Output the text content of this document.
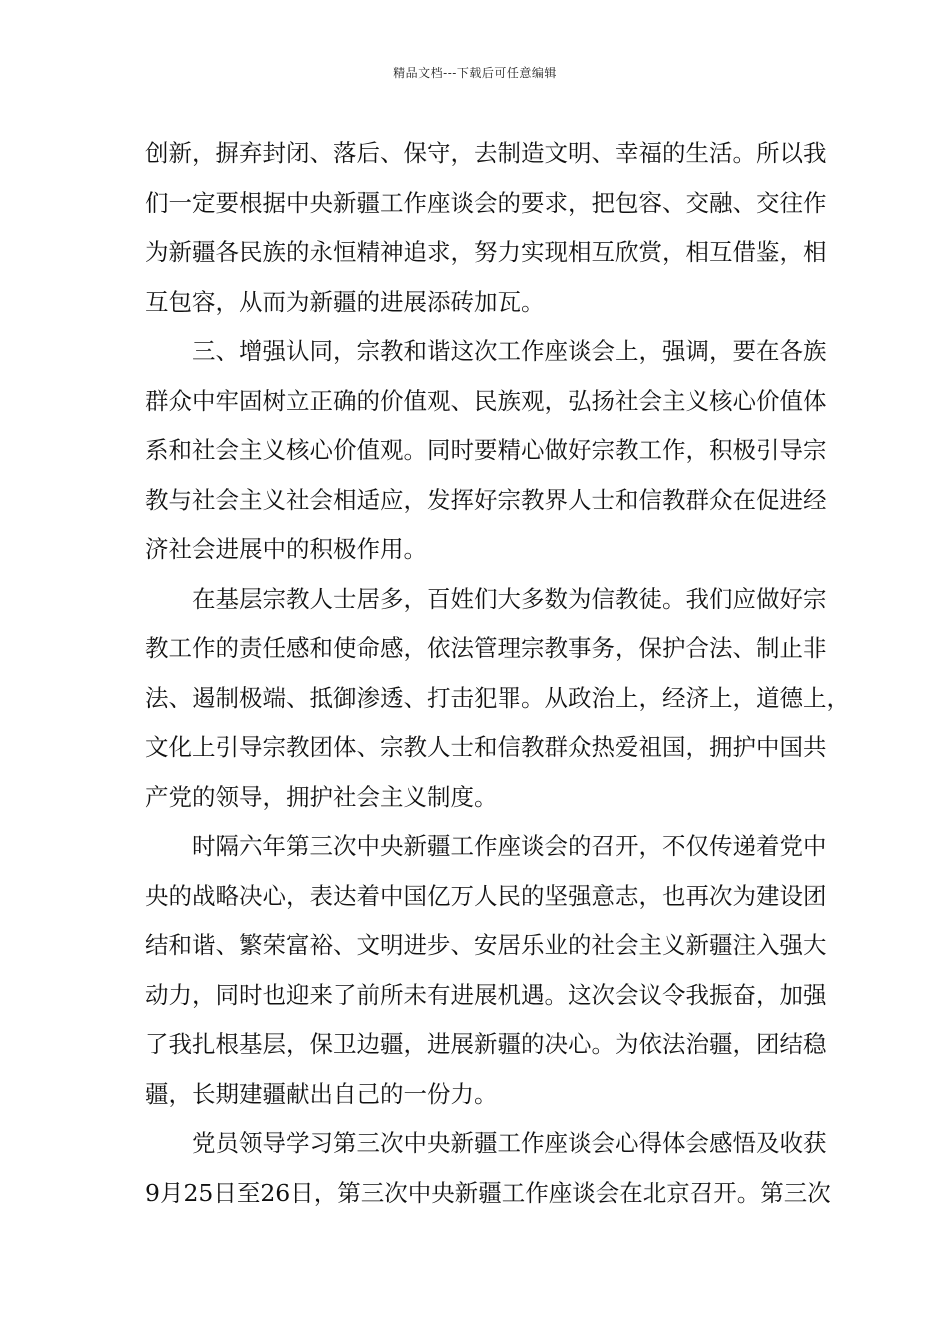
精品文档---下载后可任意编辑
创新，摒弃封闭、落后、保守，去制造文明、幸福的生活。所以我
们一定要根据中央新疆工作座谈会的要求，把包容、交融、交往作
为新疆各民族的永恒精神追求，努力实现相互欣赏，相互借鉴，相
互包容，从而为新疆的进展添砖加瓦。
三、增强认同，宗教和谐这次工作座谈会上，强调，要在各族
群众中牢固树立正确的价值观、民族观，弘扬社会主义核心价值体
系和社会主义核心价值观。同时要精心做好宗教工作，积极引导宗
教与社会主义社会相适应，发挥好宗教界人士和信教群众在促进经
济社会进展中的积极作用。
在基层宗教人士居多，百姓们大多数为信教徒。我们应做好宗
教工作的责任感和使命感，依法管理宗教事务，保护合法、制止非
法、遏制极端、抵御渗透、打击犯罪。从政治上，经济上，道德上，
文化上引导宗教团体、宗教人士和信教群众热爱祖国，拥护中国共
产党的领导，拥护社会主义制度。
时隔六年第三次中央新疆工作座谈会的召开，不仅传递着党中
央的战略决心，表达着中国亿万人民的坚强意志，也再次为建设团
结和谐、繁荣富裕、文明进步、安居乐业的社会主义新疆注入强大
动力，同时也迎来了前所未有进展机遇。这次会议令我振奋，加强
了我扎根基层，保卫边疆，进展新疆的决心。为依法治疆，团结稳
疆，长期建疆献出自己的一份力。
党员领导学习第三次中央新疆工作座谈会心得体会感悟及收获
9月25日至26日，第三次中央新疆工作座谈会在北京召开。第三次
